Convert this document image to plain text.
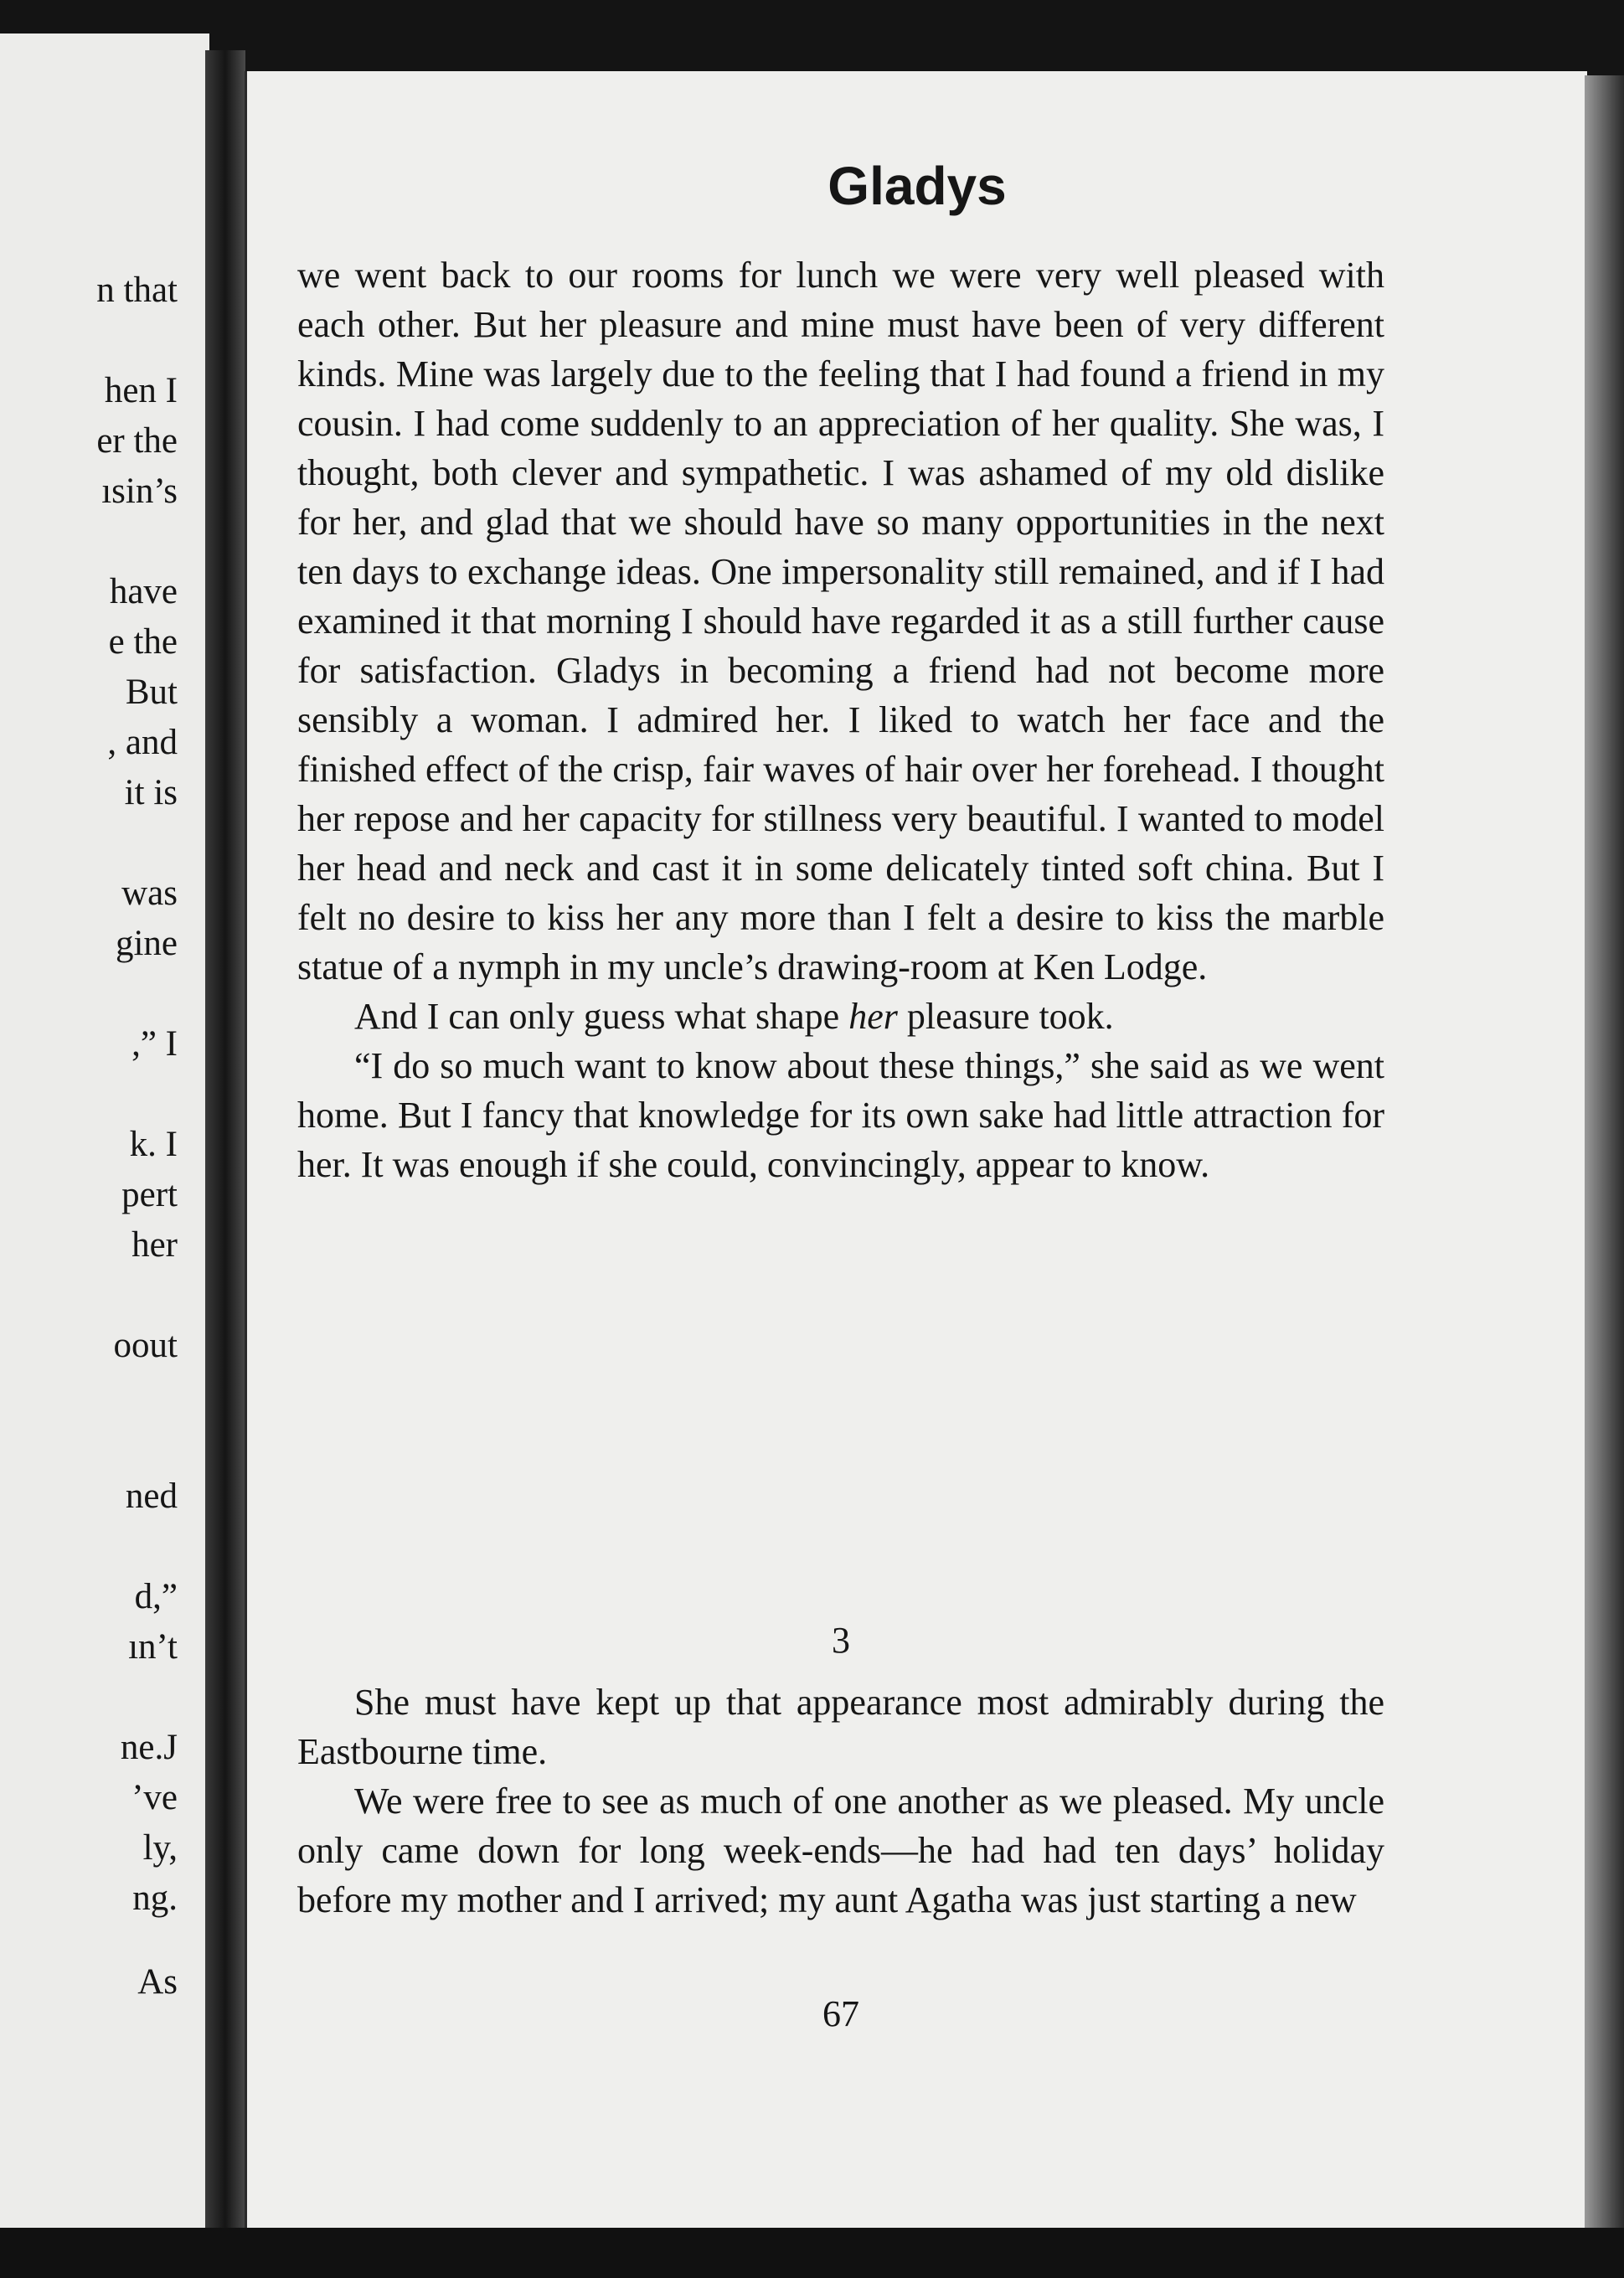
n that
hen I
er the
ısin’s
have
e the
But
, and
it is
was
gine
,” I
k. I
pert
her
oout
ned
d,”
ın’t
ne.J
’ve
ly,
ng.
As
Gladys

we went back to our rooms for lunch we were very well pleased with each other. But her pleasure and mine must have been of very different kinds. Mine was largely due to the feeling that I had found a friend in my cousin. I had come suddenly to an appreciation of her quality. She was, I thought, both clever and sympathetic. I was ashamed of my old dislike for her, and glad that we should have so many opportunities in the next ten days to exchange ideas. One impersonality still remained, and if I had examined it that morning I should have regarded it as a still further cause for satisfaction. Gladys in becoming a friend had not become more sensibly a woman. I admired her. I liked to watch her face and the finished effect of the crisp, fair waves of hair over her forehead. I thought her repose and her capacity for stillness very beautiful. I wanted to model her head and neck and cast it in some delicately tinted soft china. But I felt no desire to kiss her any more than I felt a desire to kiss the marble statue of a nymph in my uncle’s drawing-room at Ken Lodge.

And I can only guess what shape her pleasure took.

“I do so much want to know about these things,” she said as we went home. But I fancy that knowledge for its own sake had little attraction for her. It was enough if she could, convincingly, appear to know.

3

She must have kept up that appearance most admirably during the Eastbourne time.

We were free to see as much of one another as we pleased. My uncle only came down for long week-ends—he had had ten days’ holiday before my mother and I arrived; my aunt Agatha was just starting a new

67
